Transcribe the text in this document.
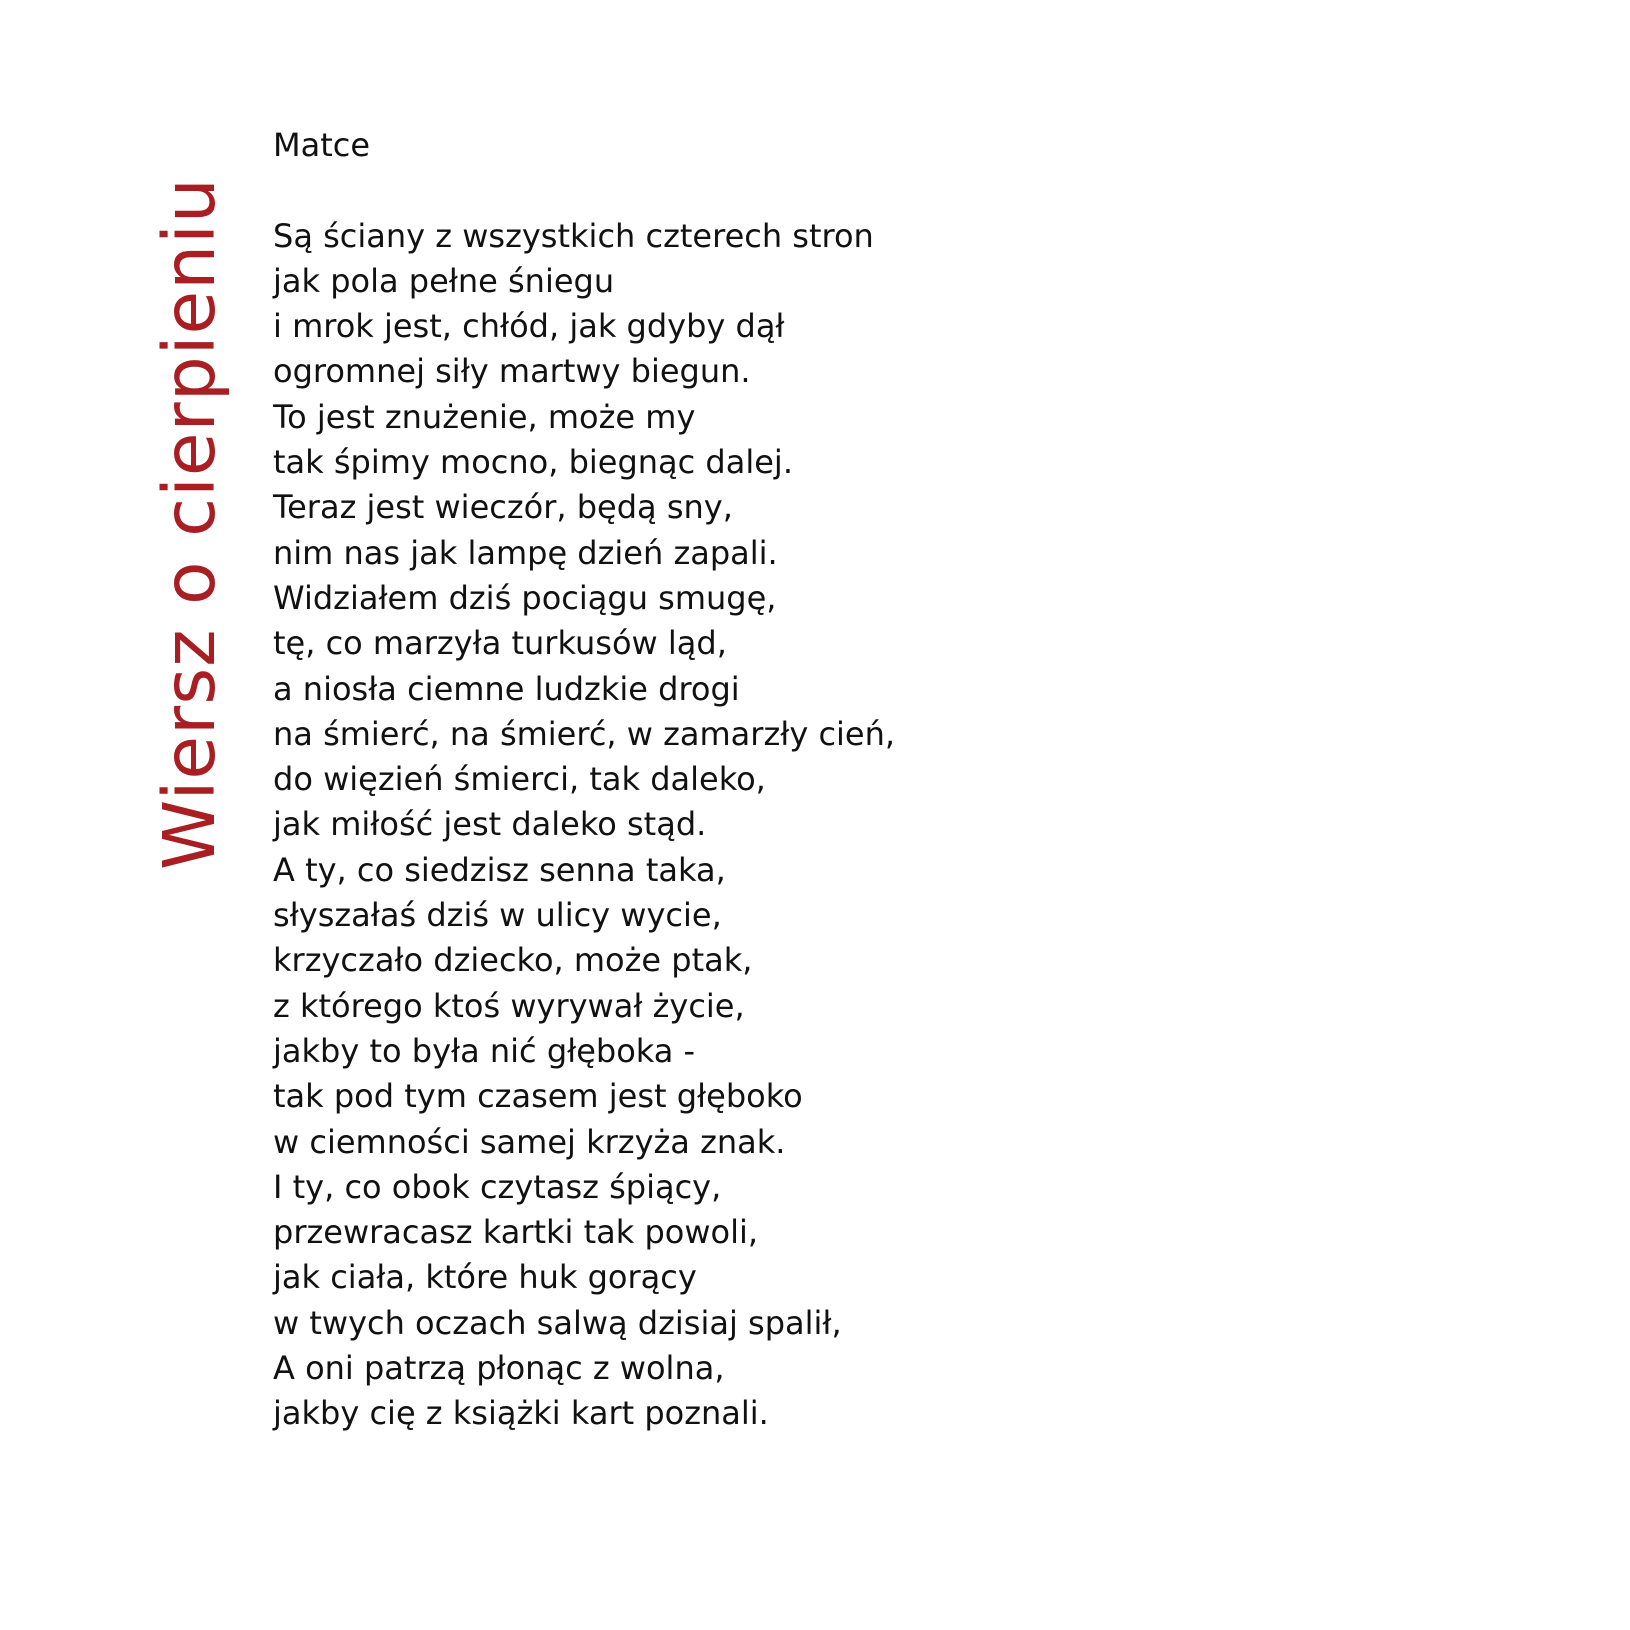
Wiersz o cierpieniu

Matce

Są ściany z wszystkich czterech stron

jak pola pełne śniegu

i mrok jest, chłód, jak gdyby dął

ogromnej siły martwy biegun.

To jest znużenie, może my

tak śpimy mocno, biegnąc dalej.

Teraz jest wieczór, będą sny,

nim nas jak lampę dzień zapali.

Widziałem dziś pociągu smugę,

tę, co marzyła turkusów ląd,

a niosła ciemne ludzkie drogi

na śmierć, na śmierć, w zamarzły cień,

do więzień śmierci, tak daleko,

jak miłość jest daleko stąd.

A ty, co siedzisz senna taka,

słyszałaś dziś w ulicy wycie,

krzyczało dziecko, może ptak,

z którego ktoś wyrywał życie,

jakby to była nić głęboka -

tak pod tym czasem jest głęboko

w ciemności samej krzyża znak.

I ty, co obok czytasz śpiący,

przewracasz kartki tak powoli,

jak ciała, które huk gorący

w twych oczach salwą dzisiaj spalił,

A oni patrzą płonąc z wolna,

jakby cię z książki kart poznali.
